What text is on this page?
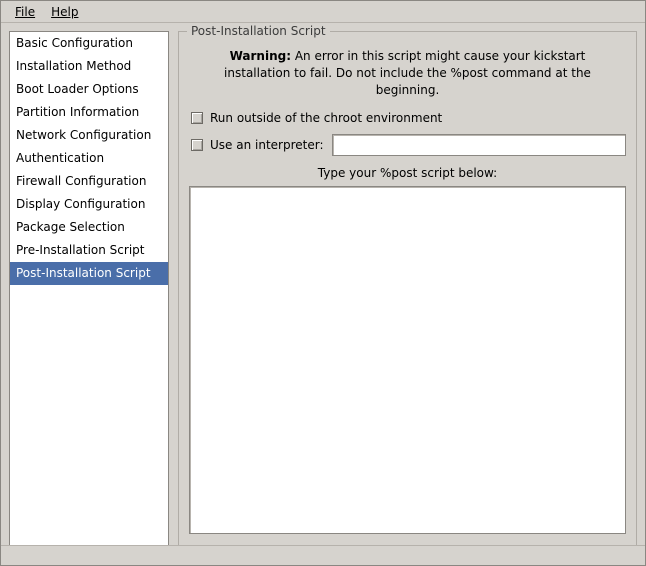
File	Help
Basic Configuration
Installation Method
Boot Loader Options
Partition Information
Network Configuration
Authentication
Firewall Configuration
Display Configuration
Package Selection
Pre-Installation Script
Post-Installation Script
Post-Installation Script
Warning: An error in this script might cause your kickstart installation to fail. Do not include the %post command at the beginning.
Run outside of the chroot environment
Use an interpreter:
Type your %post script below:
